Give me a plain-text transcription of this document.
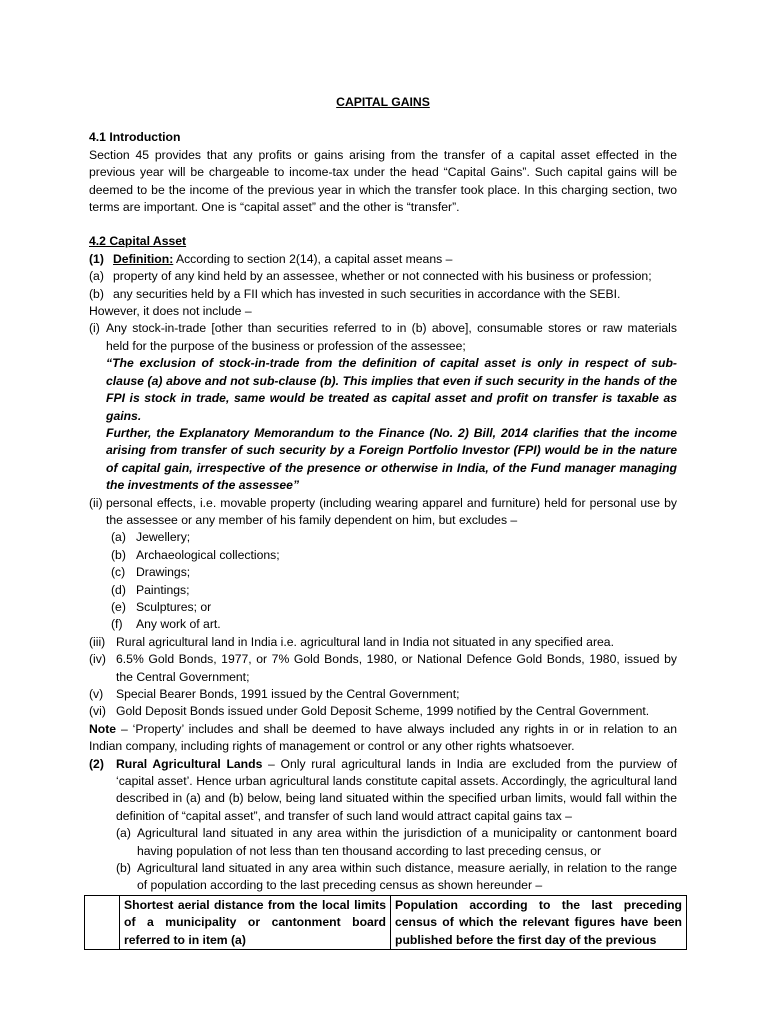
CAPITAL GAINS
4.1 Introduction
Section 45 provides that any profits or gains arising from the transfer of a capital asset effected in the previous year will be chargeable to income-tax under the head “Capital Gains”. Such capital gains will be deemed to be the income of the previous year in which the transfer took place. In this charging section, two terms are important. One is “capital asset” and the other is “transfer”.
4.2 Capital Asset
(1) Definition: According to section 2(14), a capital asset means –
(a) property of any kind held by an assessee, whether or not connected with his business or profession;
(b) any securities held by a FII which has invested in such securities in accordance with the SEBI.
However, it does not include –
(i) Any stock-in-trade [other than securities referred to in (b) above], consumable stores or raw materials held for the purpose of the business or profession of the assessee;
“The exclusion of stock-in-trade from the definition of capital asset is only in respect of sub-clause (a) above and not sub-clause (b). This implies that even if such security in the hands of the FPI is stock in trade, same would be treated as capital asset and profit on transfer is taxable as gains.
Further, the Explanatory Memorandum to the Finance (No. 2) Bill, 2014 clarifies that the income arising from transfer of such security by a Foreign Portfolio Investor (FPI) would be in the nature of capital gain, irrespective of the presence or otherwise in India, of the Fund manager managing the investments of the assessee”
(ii) personal effects, i.e. movable property (including wearing apparel and furniture) held for personal use by the assessee or any member of his family dependent on him, but excludes –
(a) Jewellery;
(b) Archaeological collections;
(c) Drawings;
(d) Paintings;
(e) Sculptures; or
(f)	Any work of art.
(iii) Rural agricultural land in India i.e. agricultural land in India not situated in any specified area.
(iv) 6.5% Gold Bonds, 1977, or 7% Gold Bonds, 1980, or National Defence Gold Bonds, 1980, issued by the Central Government;
(v)	Special Bearer Bonds, 1991 issued by the Central Government;
(vi) Gold Deposit Bonds issued under Gold Deposit Scheme, 1999 notified by the Central Government.
Note – ‘Property’ includes and shall be deemed to have always included any rights in or in relation to an Indian company, including rights of management or control or any other rights whatsoever.
(2) Rural Agricultural Lands – Only rural agricultural lands in India are excluded from the purview of ‘capital asset’. Hence urban agricultural lands constitute capital assets. Accordingly, the agricultural land described in (a) and (b) below, being land situated within the specified urban limits, would fall within the definition of “capital asset”, and transfer of such land would attract capital gains tax –
(a) Agricultural land situated in any area within the jurisdiction of a municipality or cantonment board having population of not less than ten thousand according to last preceding census, or
(b) Agricultural land situated in any area within such distance, measure aerially, in relation to the range of population according to the last preceding census as shown hereunder –
	Shortest aerial distance from the local limits of a municipality or cantonment board referred to in item (a)	Population according to the last preceding census of which the relevant figures have been published before the first day of the previous
